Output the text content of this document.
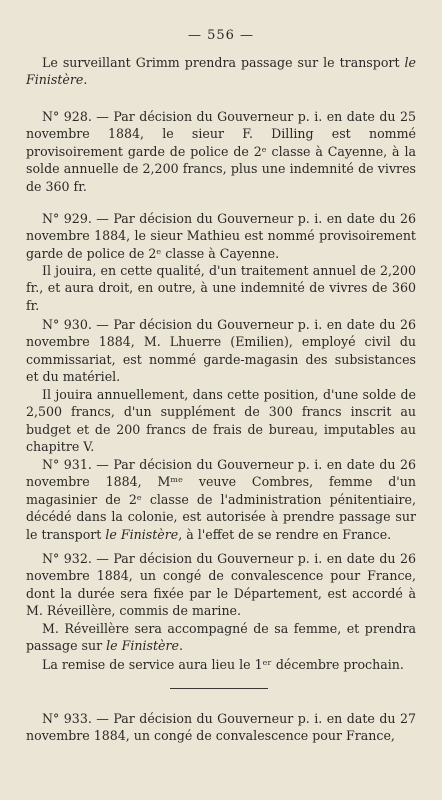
— 556 —

Le surveillant Grimm prendra passage sur le transport le Finistère.

N° 928. — Par décision du Gouverneur p. i. en date du 25 novembre 1884, le sieur F. Dilling est nommé provisoirement garde de police de 2ᵉ classe à Cayenne, à la solde annuelle de 2,200 francs, plus une indemnité de vivres de 360 fr.

N° 929. — Par décision du Gouverneur p. i. en date du 26 novembre 1884, le sieur Mathieu est nommé provisoirement garde de police de 2ᵉ classe à Cayenne.

Il jouira, en cette qualité, d'un traitement annuel de 2,200 fr., et aura droit, en outre, à une indemnité de vivres de 360 fr.

N° 930. — Par décision du Gouverneur p. i. en date du 26 novembre 1884, M. Lhuerre (Emilien), employé civil du commissariat, est nommé garde-magasin des subsistances et du matériel.

Il jouira annuellement, dans cette position, d'une solde de 2,500 francs, d'un supplément de 300 francs inscrit au budget et de 200 francs de frais de bureau, imputables au chapitre V.

N° 931. — Par décision du Gouverneur p. i. en date du 26 novembre 1884, Mᵐᵉ veuve Combres, femme d'un magasinier de 2ᵉ classe de l'administration pénitentiaire, décédé dans la colonie, est autorisée à prendre passage sur le transport le Finistère, à l'effet de se rendre en France.

N° 932. — Par décision du Gouverneur p. i. en date du 26 novembre 1884, un congé de convalescence pour France, dont la durée sera fixée par le Département, est accordé à M. Réveillère, commis de marine.

M. Réveillère sera accompagné de sa femme, et prendra passage sur le Finistère.

La remise de service aura lieu le 1ᵉʳ décembre prochain.

N° 933. — Par décision du Gouverneur p. i. en date du 27 novembre 1884, un congé de convalescence pour France,
